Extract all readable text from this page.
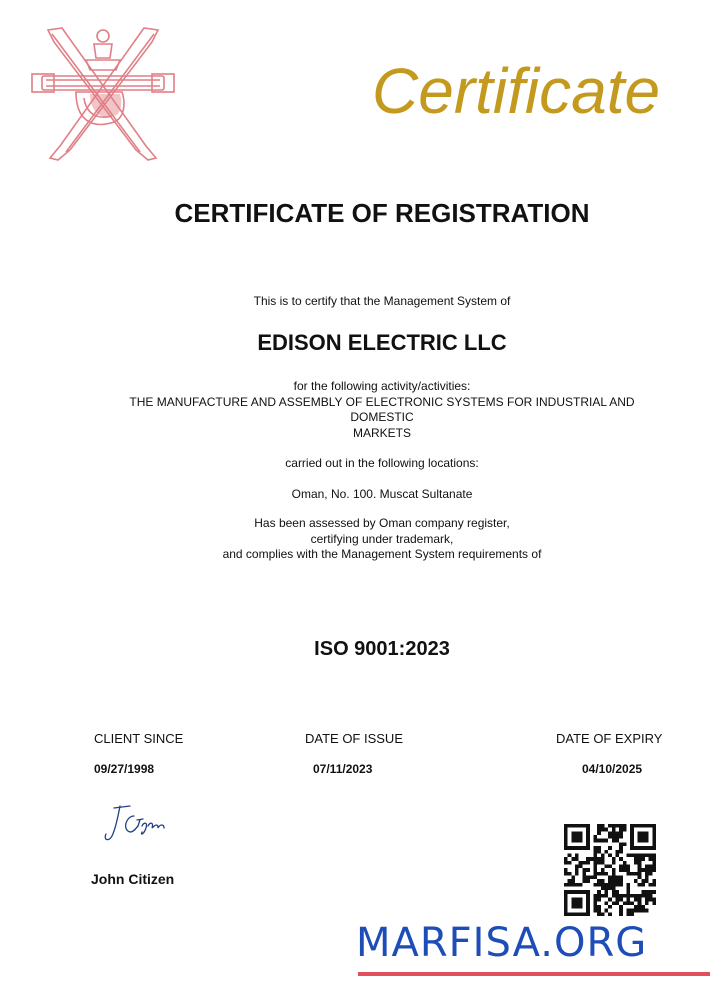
Certificate
CERTIFICATE OF REGISTRATION
This is to certify that the Management System of
EDISON ELECTRIC LLC
for the following activity/activities:
THE MANUFACTURE AND ASSEMBLY OF ELECTRONIC SYSTEMS FOR INDUSTRIAL AND
DOMESTIC
MARKETS
carried out in the following locations:
Oman, No. 100. Muscat Sultanate
Has been assessed by Oman company register,
certifying under trademark,
and complies with the Management System requirements of
ISO 9001:2023
CLIENT SINCE
09/27/1998
DATE OF ISSUE
07/11/2023
DATE OF EXPIRY
04/10/2025
John Citizen
MARFISA.ORG
